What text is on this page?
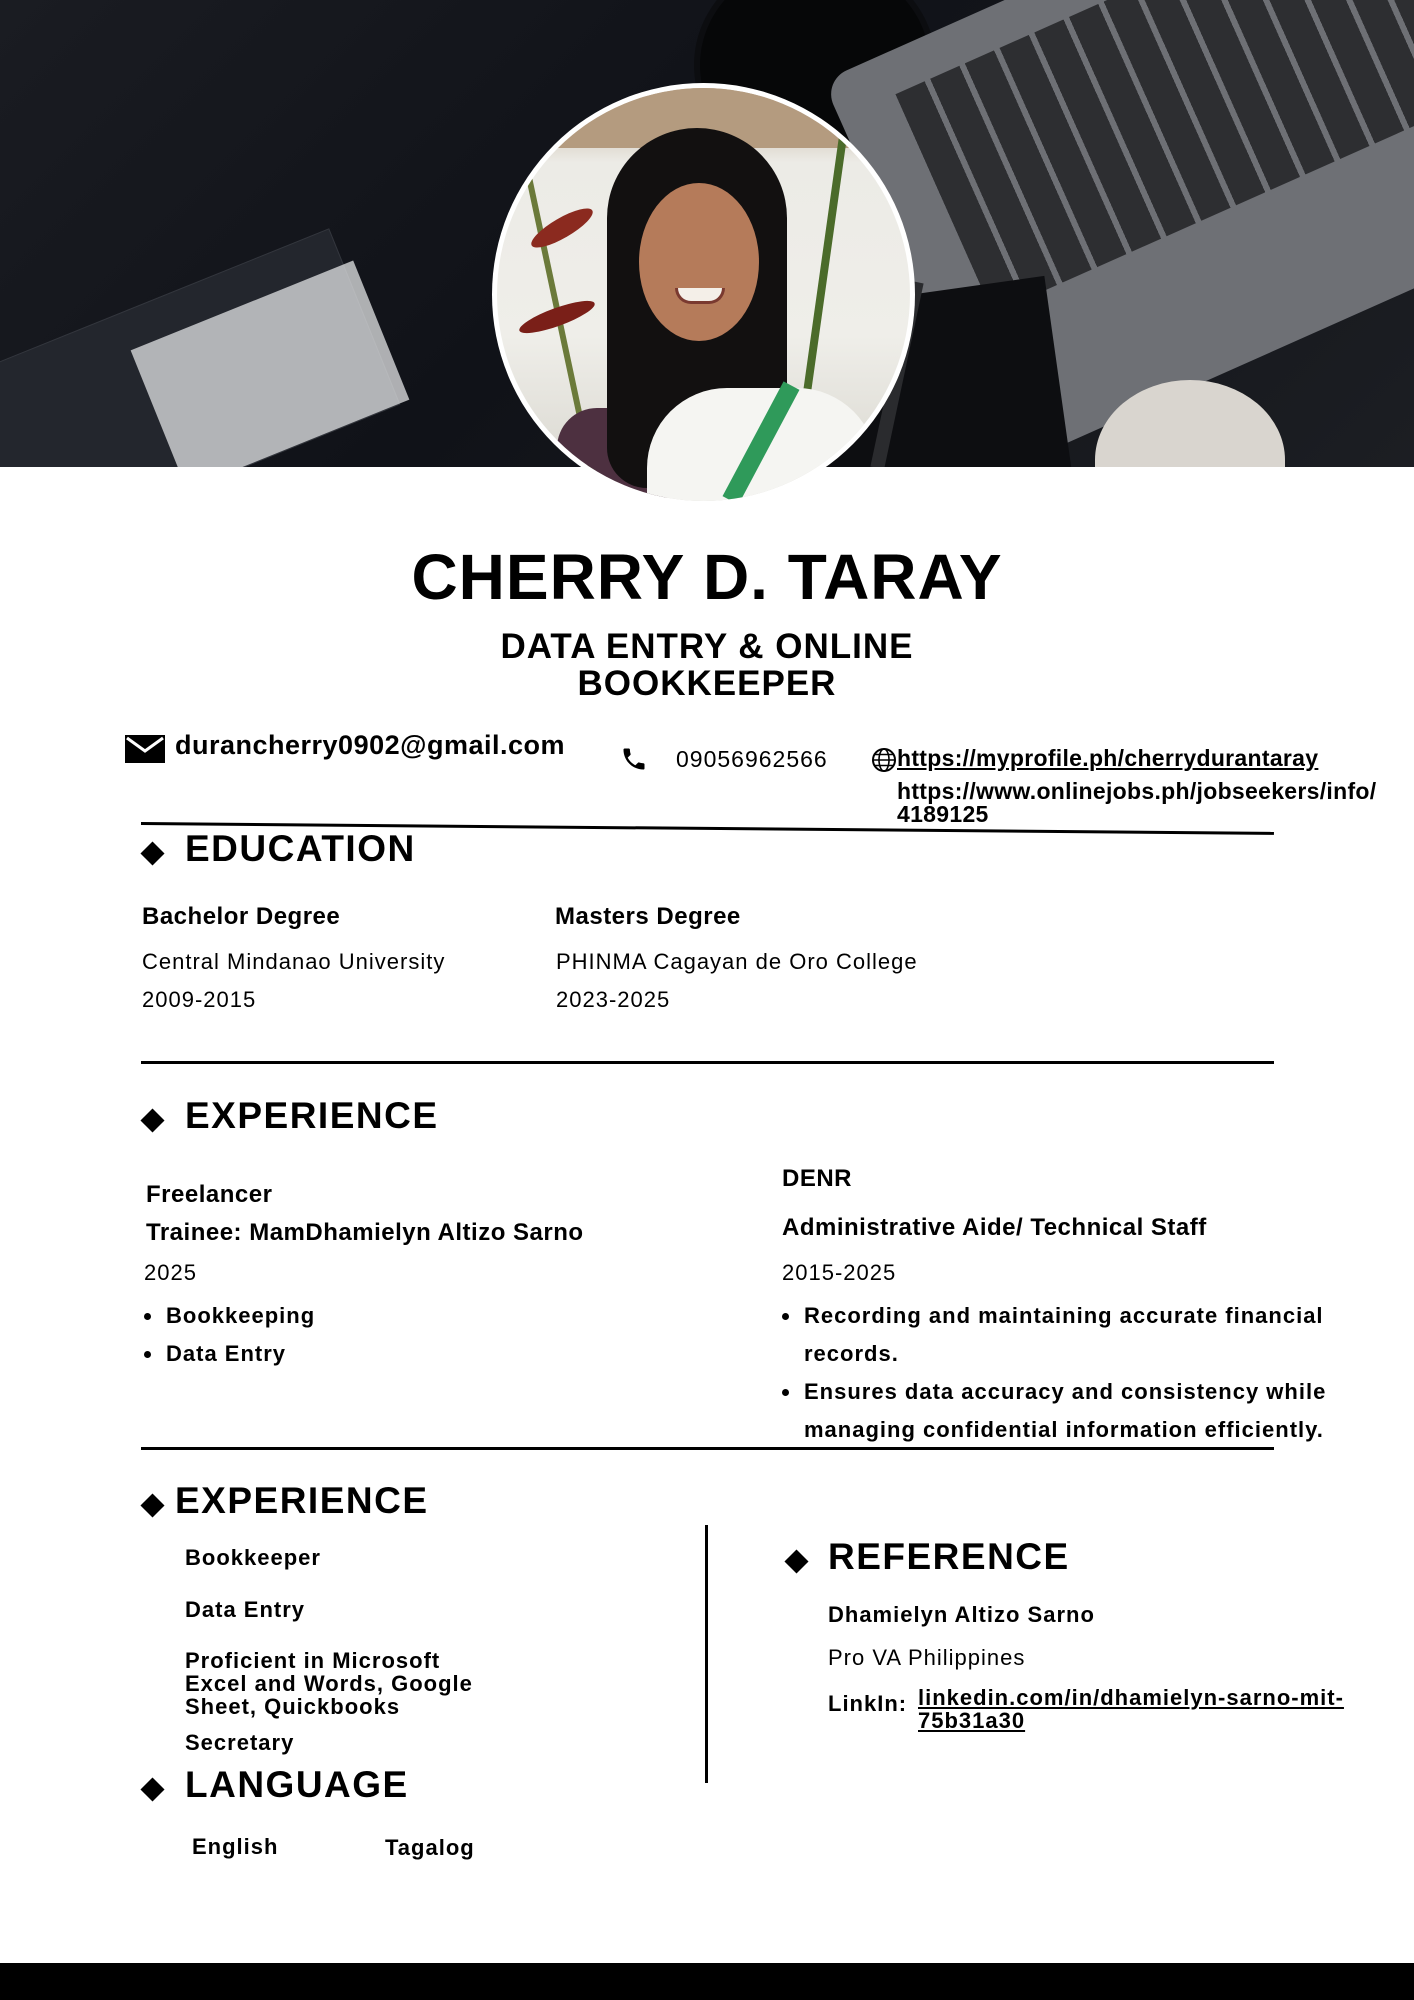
CHERRY D. TARAY
DATA ENTRY & ONLINE BOOKKEEPER
durancherry0902@gmail.com	09056962566	https://myprofile.ph/cherrydurantaray
https://www.onlinejobs.ph/jobseekers/info/4189125
EDUCATION
Bachelor Degree
Central Mindanao University
2009-2015
Masters Degree
PHINMA Cagayan de Oro College
2023-2025
EXPERIENCE
Freelancer
Trainee: MamDhamielyn Altizo Sarno
2025
Bookkeeping
Data Entry
DENR
Administrative Aide/ Technical Staff
2015-2025
Recording and maintaining accurate financial records.
Ensures data accuracy and consistency while managing confidential information efficiently.
EXPERIENCE
Bookkeeper
Data Entry
Proficient in Microsoft Excel and Words, Google Sheet, Quickbooks
Secretary
LANGUAGE
English	Tagalog
REFERENCE
Dhamielyn Altizo Sarno
Pro VA Philippines
LinkIn: linkedin.com/in/dhamielyn-sarno-mit-75b31a30
